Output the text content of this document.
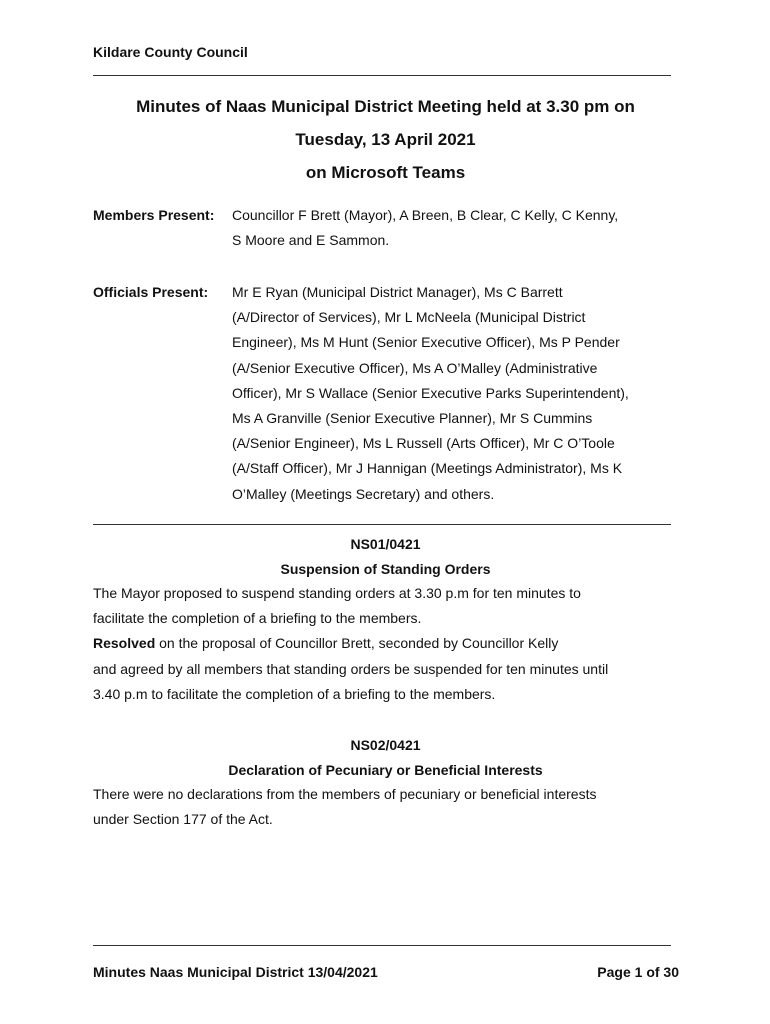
Kildare County Council
Minutes of Naas Municipal District Meeting held at 3.30 pm on
Tuesday, 13 April 2021
on Microsoft Teams
Members Present: Councillor F Brett (Mayor), A Breen, B Clear, C Kelly, C Kenny,
S Moore and E Sammon.
Officials Present: Mr E Ryan (Municipal District Manager), Ms C Barrett
(A/Director of Services), Mr L McNeela (Municipal District
Engineer), Ms M Hunt (Senior Executive Officer), Ms P Pender
(A/Senior Executive Officer), Ms A O’Malley (Administrative
Officer), Mr S Wallace (Senior Executive Parks Superintendent),
Ms A Granville (Senior Executive Planner), Mr S Cummins
(A/Senior Engineer), Ms L Russell (Arts Officer), Mr C O’Toole
(A/Staff Officer), Mr J Hannigan (Meetings Administrator), Ms K
O’Malley (Meetings Secretary) and others.
NS01/0421
Suspension of Standing Orders
The Mayor proposed to suspend standing orders at 3.30 p.m for ten minutes to
facilitate the completion of a briefing to the members.
Resolved on the proposal of Councillor Brett, seconded by Councillor Kelly
and agreed by all members that standing orders be suspended for ten minutes until
3.40 p.m to facilitate the completion of a briefing to the members.
NS02/0421
Declaration of Pecuniary or Beneficial Interests
There were no declarations from the members of pecuniary or beneficial interests
under Section 177 of the Act.
Minutes Naas Municipal District 13/04/2021	Page 1 of 30
